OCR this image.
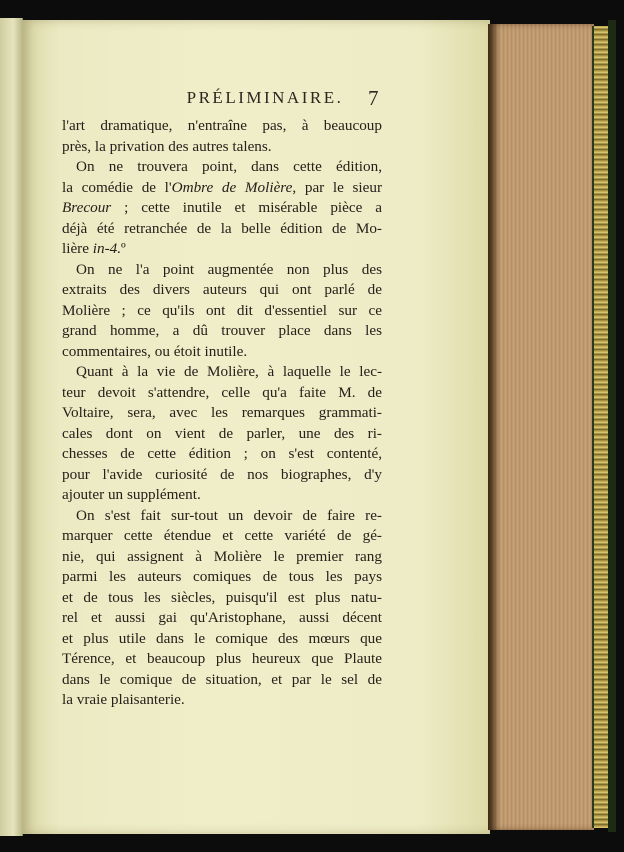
PRÉLIMINAIRE.	7
l'art dramatique, n'entraîne pas, à beaucoup
près, la privation des autres talens.
On ne trouvera point, dans cette édition,
la comédie de l'Ombre de Molière, par le sieur
Brecour ; cette inutile et misérable pièce a
déjà été retranchée de la belle édition de Mo-
lière in-4.º
On ne l'a point augmentée non plus des
extraits des divers auteurs qui ont parlé de
Molière ; ce qu'ils ont dit d'essentiel sur ce
grand homme, a dû trouver place dans les
commentaires, ou étoit inutile.
Quant à la vie de Molière, à laquelle le lec-
teur devoit s'attendre, celle qu'a faite M. de
Voltaire, sera, avec les remarques grammati-
cales dont on vient de parler, une des ri-
chesses de cette édition ; on s'est contenté,
pour l'avide curiosité de nos biographes, d'y
ajouter un supplément.
On s'est fait sur-tout un devoir de faire re-
marquer cette étendue et cette variété de gé-
nie, qui assignent à Molière le premier rang
parmi les auteurs comiques de tous les pays
et de tous les siècles, puisqu'il est plus natu-
rel et aussi gai qu'Aristophane, aussi décent
et plus utile dans le comique des mœurs que
Térence, et beaucoup plus heureux que Plaute
dans le comique de situation, et par le sel de
la vraie plaisanterie.
